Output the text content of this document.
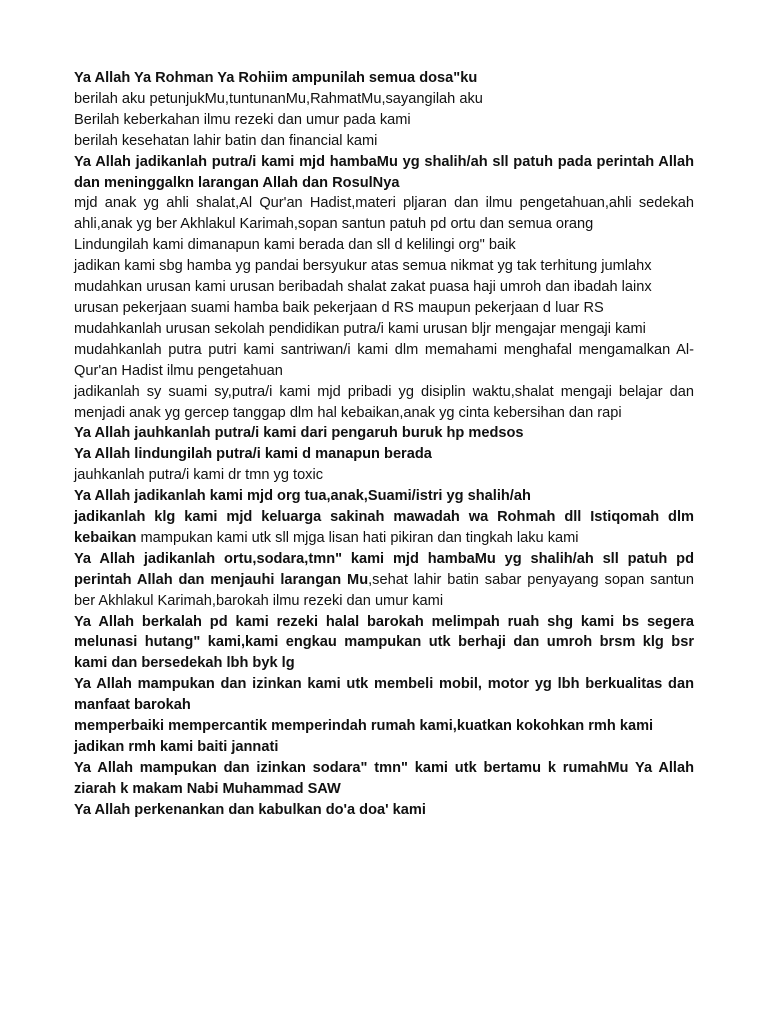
Ya Allah Ya Rohman Ya Rohiim ampunilah semua dosa"ku

berilah aku petunjukMu,tuntunanMu,RahmatMu,sayangilah aku

Berilah keberkahan ilmu rezeki dan umur pada kami

berilah kesehatan lahir batin dan financial kami

Ya Allah jadikanlah putra/i kami mjd hambaMu yg shalih/ah sll patuh pada perintah Allah dan meninggalkn larangan Allah dan RosulNya

mjd anak yg ahli shalat,Al Qur'an Hadist,materi pljaran dan ilmu pengetahuan,ahli sedekah ahli,anak yg ber Akhlakul Karimah,sopan santun patuh pd ortu dan semua orang

Lindungilah kami dimanapun kami berada dan sll d kelilingi org" baik

jadikan kami sbg hamba yg pandai bersyukur atas semua nikmat yg tak terhitung jumlahx

mudahkan urusan kami urusan beribadah shalat zakat puasa haji umroh dan ibadah lainx

urusan pekerjaan suami hamba baik pekerjaan d RS maupun pekerjaan d luar RS

mudahkanlah urusan sekolah pendidikan putra/i kami urusan bljr mengajar mengaji kami

mudahkanlah putra putri kami santriwan/i kami dlm memahami menghafal mengamalkan Al-Qur'an Hadist ilmu pengetahuan

jadikanlah sy suami sy,putra/i kami mjd pribadi yg disiplin waktu,shalat mengaji belajar dan menjadi anak yg gercep tanggap dlm hal kebaikan,anak yg cinta kebersihan dan rapi

Ya Allah jauhkanlah putra/i kami dari pengaruh buruk hp medsos

Ya Allah lindungilah putra/i kami d manapun berada

jauhkanlah putra/i kami dr tmn yg toxic

Ya Allah jadikanlah kami mjd org tua,anak,Suami/istri yg shalih/ah

jadikanlah klg kami mjd keluarga sakinah mawadah wa Rohmah dll Istiqomah dlm kebaikan mampukan kami utk sll mjga lisan hati pikiran dan tingkah laku kami

Ya Allah jadikanlah ortu,sodara,tmn" kami mjd hambaMu yg shalih/ah sll patuh pd perintah Allah dan menjauhi larangan Mu,sehat lahir batin sabar penyayang sopan santun ber Akhlakul Karimah,barokah ilmu rezeki dan umur kami

Ya Allah berkalah pd kami rezeki halal barokah melimpah ruah shg kami bs segera melunasi hutang" kami,kami engkau mampukan utk berhaji dan umroh brsm klg bsr kami dan bersedekah lbh byk lg

Ya Allah mampukan dan izinkan kami utk membeli mobil, motor yg lbh berkualitas dan manfaat barokah

memperbaiki mempercantik memperindah rumah kami,kuatkan kokohkan rmh kami

jadikan rmh kami baiti jannati

Ya Allah mampukan dan izinkan sodara" tmn" kami utk bertamu k rumahMu Ya Allah ziarah k makam Nabi Muhammad SAW

Ya Allah perkenankan dan kabulkan do'a doa' kami
